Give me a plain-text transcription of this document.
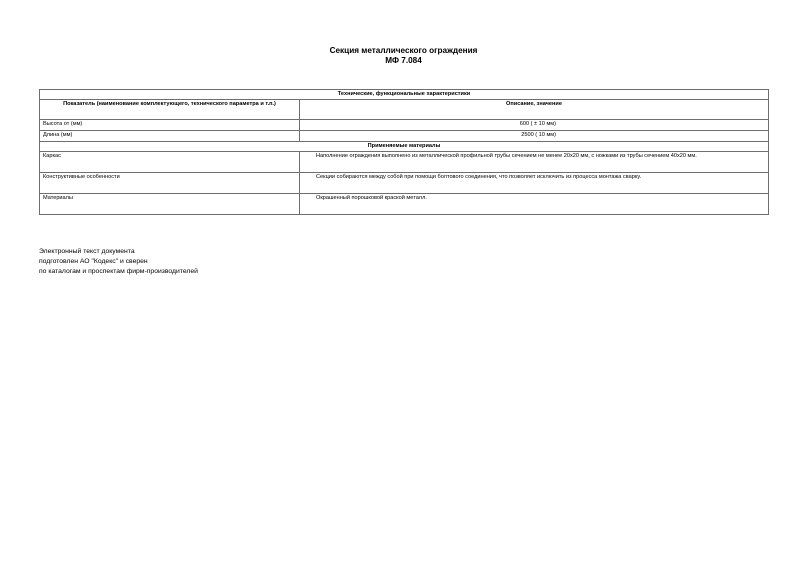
Секция металлического ограждения
МФ 7.084
Технические, функциональные характеристики	
Показатель (наименование комплектующего, технического параметра и т.п.)	Описание, значение
Высота от (мм)	600 ( ± 10 мм)
Длина (мм)	2500 ( 10 мм)
Применяемые материалы	
Каркас	Наполнение ограждения выполнено из металлической профильной трубы сечением не менее 20х20 мм, с ножками из трубы сечением 40х20 мм.
Конструктивные особенности	Секции собираются между собой при помощи болтового соединения, что позволяет исключить из процесса монтажа сварку.
Материалы	Окрашенный порошковой краской металл.
Электронный текст документа
подготовлен АО "Кодекс" и сверен
по каталогам и проспектам фирм-производителей
